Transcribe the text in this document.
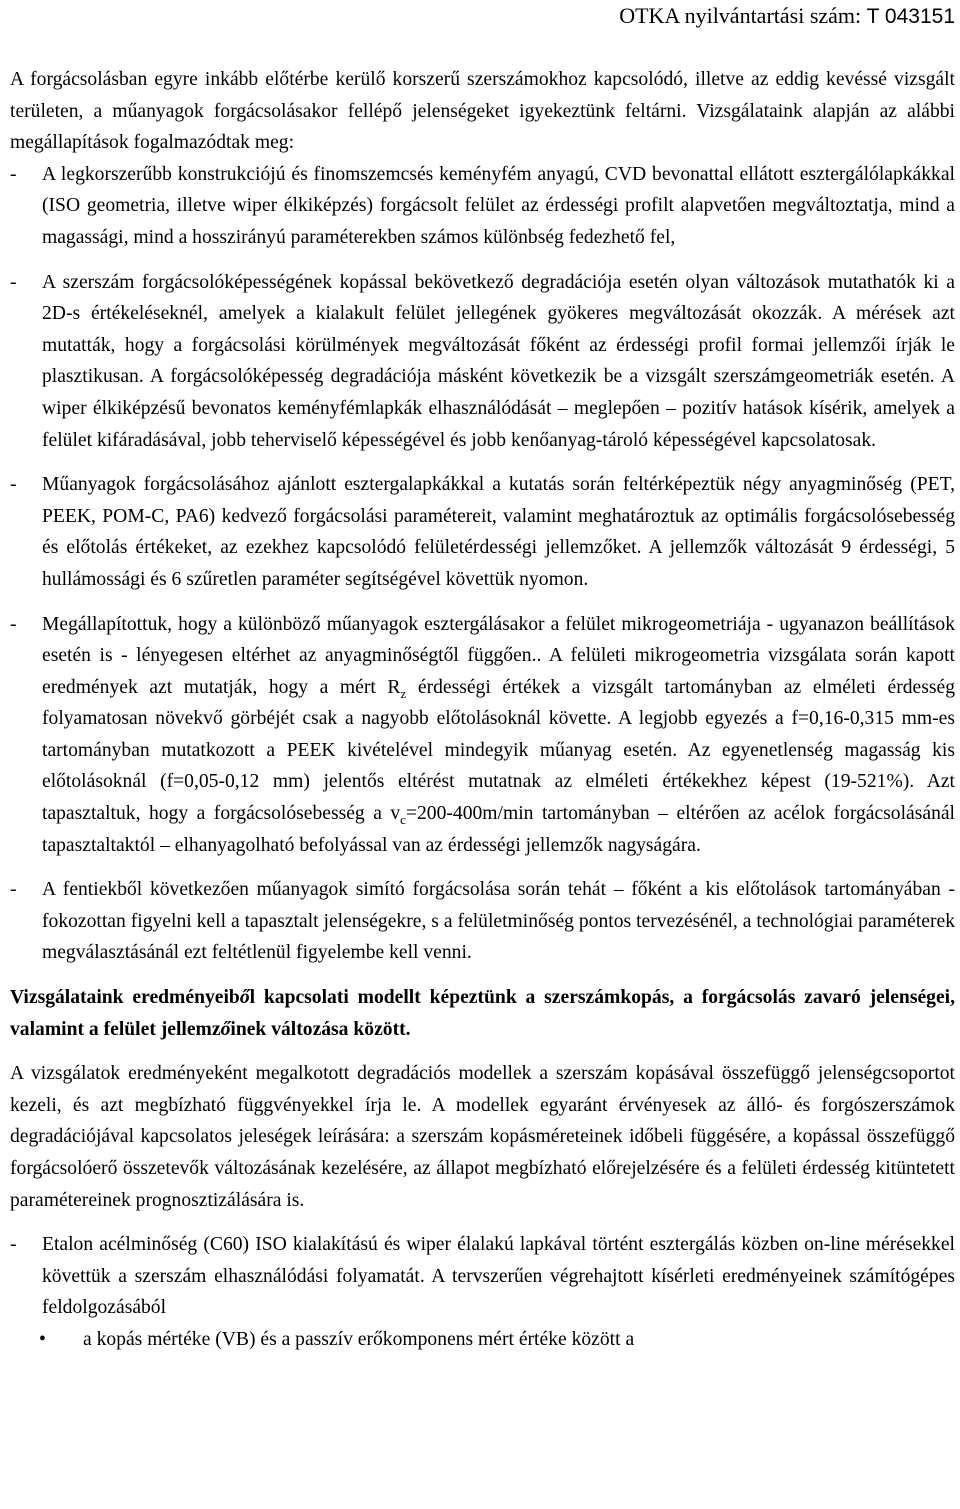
OTKA nyilvántartási szám: T 043151

A forgácsolásban egyre inkább előtérbe kerülő korszerű szerszámokhoz kapcsolódó, illetve az eddig kevéssé vizsgált területen, a műanyagok forgácsolásakor fellépő jelenségeket igyekeztünk feltárni. Vizsgálataink alapján az alábbi megállapítások fogalmazódtak meg:

- A legkorszerűbb konstrukciójú és finomszemcsés keményfém anyagú, CVD bevonattal ellátott esztergálólapkákkal (ISO geometria, illetve wiper élkiképzés) forgácsolt felület az érdességi profilt alapvetően megváltoztatja, mind a magassági, mind a hosszirányú paraméterekben számos különbség fedezhető fel,
- A szerszám forgácsolóképességének kopással bekövetkező degradációja esetén olyan változások mutathatók ki a 2D-s értékeléseknél, amelyek a kialakult felület jellegének gyökeres megváltozását okozzák. A mérések azt mutatták, hogy a forgácsolási körülmények megváltozását főként az érdességi profil formai jellemzői írják le plasztikusan. A forgácsolóképesség degradációja másként következik be a vizsgált szerszámgeometriák esetén. A wiper élkiképzésű bevonatos keményfémlapkák elhasználódását – meglepően – pozitív hatások kísérik, amelyek a felület kifáradásával, jobb teherviselő képességével és jobb kenőanyag-tároló képességével kapcsolatosak.
- Műanyagok forgácsolásához ajánlott esztergalapkákkal a kutatás során feltérképeztük négy anyagminőség (PET, PEEK, POM-C, PA6) kedvező forgácsolási paramétereit, valamint meghatároztuk az optimális forgácsolósebesség és előtolás értékeket, az ezekhez kapcsolódó felületérdességi jellemzőket. A jellemzők változását 9 érdességi, 5 hullámossági és 6 szűretlen paraméter segítségével követtük nyomon.
- Megállapítottuk, hogy a különböző műanyagok esztergálásakor a felület mikrogeometriája - ugyanazon beállítások esetén is - lényegesen eltérhet az anyagminőségtől függően.. A felületi mikrogeometria vizsgálata során kapott eredmények azt mutatják, hogy a mért $R_z$ érdességi értékek a vizsgált tartományban az elméleti érdesség folyamatosan növekvő görbéjét csak a nagyobb előtolásoknál követte. A legjobb egyezés a f=0,16-0,315 mm-es tartományban mutatkozott a PEEK kivételével mindegyik műanyag esetén. Az egyenetlenség magasság kis előtolásoknál (f=0,05-0,12 mm) jelentős eltérést mutatnak az elméleti értékekhez képest (19-521%). Azt tapasztaltuk, hogy a forgácsolósebesség a $v_c=200-400m/\min$ tartományban – eltérően az acélok forgácsolásánál tapasztaltaktól – elhanyagolható befolyással van az érdességi jellemzők nagyságára.
- A fentiekből következően műanyagok simító forgácsolása során tehát – főként a kis előtolások tartományában - fokozottan figyelni kell a tapasztalt jelenségekre, s a felületminőség pontos tervezésénél, a technológiai paraméterek megválasztásánál ezt feltétlenül figyelembe kell venni.

Vizsgálataink eredményeiből kapcsolati modellt képeztünk a szerszámkopás, a forgácsolás zavaró jelenségei, valamint a felület jellemzőinek változása között.

A vizsgálatok eredményeként megalkotott degradációs modellek a szerszám kopásával összefüggő jelenségcsoportot kezeli, és azt megbízható függvényekkel írja le. A modellek egyaránt érvényesek az álló- és forgószerszámok degradációjával kapcsolatos jeleségek leírására: a szerszám kopásméreteinek időbeli függésére, a kopással összefüggő forgácsolóerő összetevők változásának kezelésére, az állapot megbízható előrejelzésére és a felületi érdesség kitüntetett paramétereinek prognosztizálására is.

- Etalon acélminőség (C60) ISO kialakítású és wiper élalakú lapkával történt esztergálás közben on-line mérésekkel követtük a szerszám elhasználódási folyamatát. A tervszerűen végrehajtott kísérleti eredményeinek számítógépes feldolgozásából
• a kopás mértéke (VB) és a passzív erőkomponens mért értéke között a
